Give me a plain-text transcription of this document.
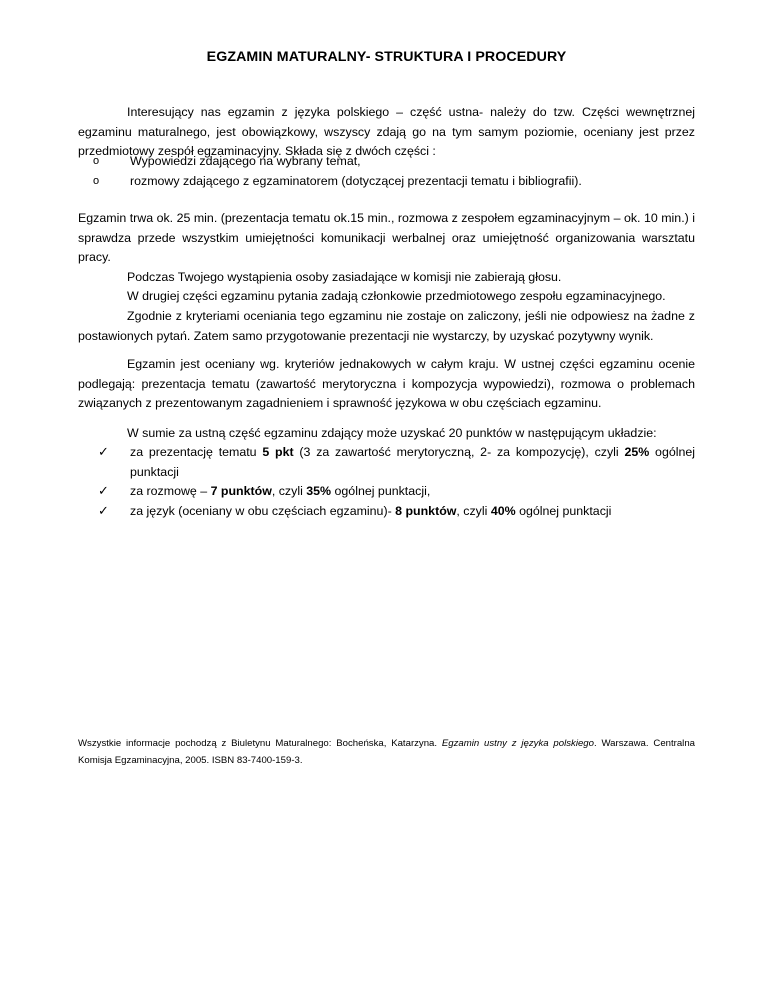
EGZAMIN MATURALNY- STRUKTURA I PROCEDURY

Interesujący nas egzamin z języka polskiego – część ustna- należy do tzw. Części wewnętrznej egzaminu maturalnego, jest obowiązkowy, wszyscy zdają go na tym samym poziomie, oceniany jest przez przedmiotowy zespół egzaminacyjny. Składa się z dwóch części :

o Wypowiedzi zdającego na wybrany temat,
o rozmowy zdającego z egzaminatorem (dotyczącej prezentacji tematu i bibliografii).

Egzamin trwa ok. 25 min. (prezentacja tematu ok.15 min., rozmowa z zespołem egzaminacyjnym – ok. 10 min.) i sprawdza przede wszystkim umiejętności komunikacji werbalnej oraz umiejętność organizowania warsztatu pracy.

Podczas Twojego wystąpienia osoby zasiadające w komisji nie zabierają głosu.

W drugiej części egzaminu pytania zadają członkowie przedmiotowego zespołu egzaminacyjnego.

Zgodnie z kryteriami oceniania tego egzaminu nie zostaje on zaliczony, jeśli nie odpowiesz na żadne z postawionych pytań. Zatem samo przygotowanie prezentacji nie wystarczy, by uzyskać pozytywny wynik.

Egzamin jest oceniany wg. kryteriów jednakowych w całym kraju. W ustnej części egzaminu ocenie podlegają: prezentacja tematu (zawartość merytoryczna i kompozycja wypowiedzi), rozmowa o problemach związanych z prezentowanym zagadnieniem i sprawność językowa w obu częściach egzaminu.

W sumie za ustną część egzaminu zdający może uzyskać 20 punktów w następującym układzie:

✓ za prezentację tematu 5 pkt (3 za zawartość merytoryczną, 2- za kompozycję), czyli 25% ogólnej punktacji
✓ za rozmowę – 7 punktów, czyli 35% ogólnej punktacji,
✓ za język (oceniany w obu częściach egzaminu)- 8 punktów, czyli 40% ogólnej punktacji
Wszystkie informacje pochodzą z Biuletynu Maturalnego: Bocheńska, Katarzyna. Egzamin ustny z języka polskiego. Warszawa. Centralna Komisja Egzaminacyjna, 2005. ISBN 83-7400-159-3.
